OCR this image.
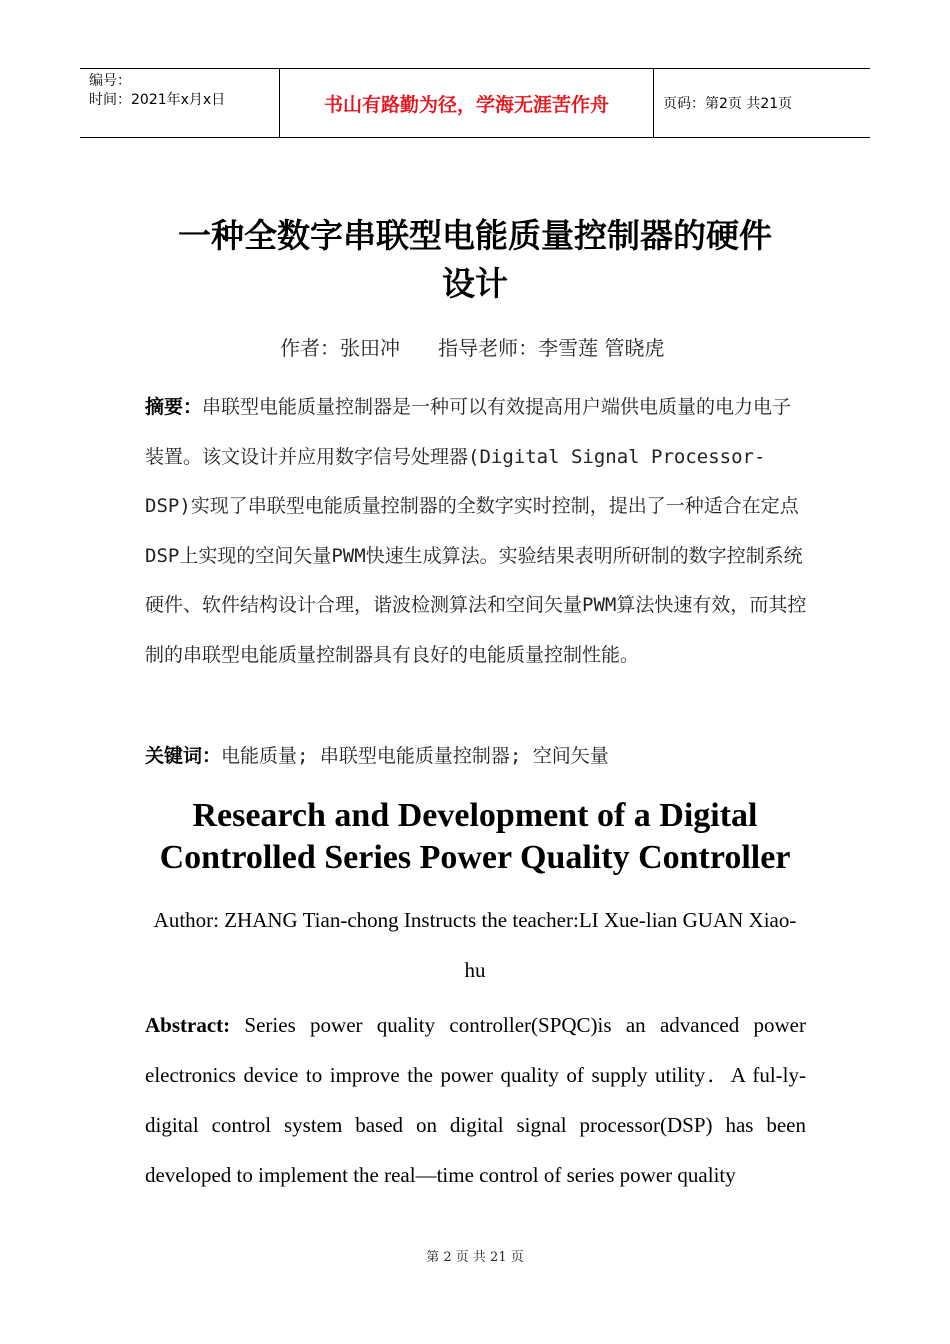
编号：
时间：2021年x月x日	书山有路勤为径，学海无涯苦作舟	页码：第2页 共21页
一种全数字串联型电能质量控制器的硬件
设计
作者：张田冲      指导老师：李雪莲 管晓虎
摘要：串联型电能质量控制器是一种可以有效提高用户端供电质量的电力电子装置。该文设计并应用数字信号处理器(Digital Signal Processor-DSP)实现了串联型电能质量控制器的全数字实时控制，提出了一种适合在定点DSP上实现的空间矢量PWM快速生成算法。实验结果表明所研制的数字控制系统硬件、软件结构设计合理，谐波检测算法和空间矢量PWM算法快速有效，而其控制的串联型电能质量控制器具有良好的电能质量控制性能。
关键词：电能质量; 串联型电能质量控制器; 空间矢量
Research and Development of a Digital
Controlled Series Power Quality Controller
Author: ZHANG Tian-chong Instructs the teacher:LI Xue-lian GUAN Xiao-hu
Abstract: Series power quality controller(SPQC)is an advanced power electronics device to improve the power quality of supply utility．A ful-ly-digital control system based on digital signal processor(DSP) has been developed to implement the real—time control of series power quality
第 2 页 共 21 页
